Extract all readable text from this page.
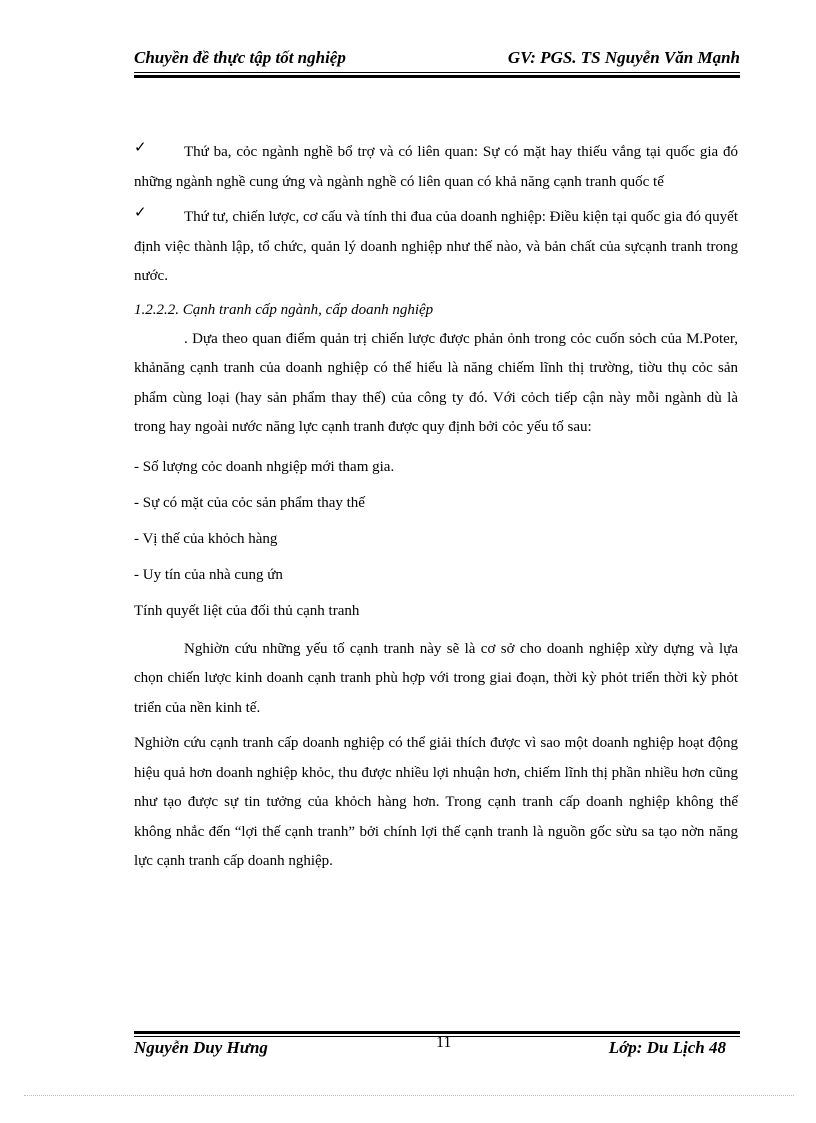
Chuyền đề thực tập tốt nghiệp	GV: PGS. TS Nguyễn Văn Mạnh
✓	Thứ ba, cỏc ngành nghề bổ trợ và có liên quan: Sự có mặt hay thiếu vắng tại quốc gia đó những ngành nghề cung ứng và ngành nghề có liên quan có khả năng cạnh tranh quốc tế

✓	Thứ tư, chiến lược, cơ cấu và tính thi đua của doanh nghiệp: Điều kiện tại quốc gia đó quyết định việc thành lập, tổ chức, quản lý doanh nghiệp như thế nào, và bản chất của sựcạnh tranh trong nước.

1.2.2.2. Cạnh tranh cấp ngành, cấp doanh nghiệp

. Dựa theo quan điểm quản trị chiến lược được phản ỏnh trong cỏc cuốn sỏch của M.Poter, khảnăng cạnh tranh của doanh nghiệp có thể hiểu là năng chiếm lĩnh thị trường, tiờu thụ cỏc sản phẩm cùng loại (hay sản phẩm thay thế) của công ty đó. Với cỏch tiếp cận này mỗi ngành dù là trong hay ngoài nước năng lực cạnh tranh được quy định bởi cỏc yếu tố sau:

- Số lượng cỏc doanh nhgiệp mới tham gia.

- Sự có mặt của cỏc sản phẩm thay thế

- Vị thế của khỏch hàng

- Uy tín của nhà cung ứn

Tính quyết liệt của đối thủ cạnh tranh

Nghiờn cứu những yếu tố cạnh tranh này sẽ là cơ sở cho doanh nghiệp xừy dựng và lựa chọn chiến lược kinh doanh cạnh tranh phù hợp với trong giai đoạn, thời kỳ phỏt triển thời kỳ phỏt triển của nền kinh tế.

Nghiờn cứu cạnh tranh cấp doanh nghiệp có thể giải thích được vì sao một doanh nghiệp hoạt động hiệu quả hơn doanh nghiệp khỏc, thu được nhiều lợi nhuận hơn, chiếm lĩnh thị phần nhiều hơn cũng như tạo được sự tin tưởng của khỏch hàng hơn. Trong cạnh tranh cấp doanh nghiệp không thể không nhắc đến “lợi thế cạnh tranh” bởi chính lợi thế cạnh tranh là nguồn gốc sừu sa tạo nờn năng lực cạnh tranh cấp doanh nghiệp.

Nguyễn Duy Hưng	11	Lớp: Du Lịch 48
